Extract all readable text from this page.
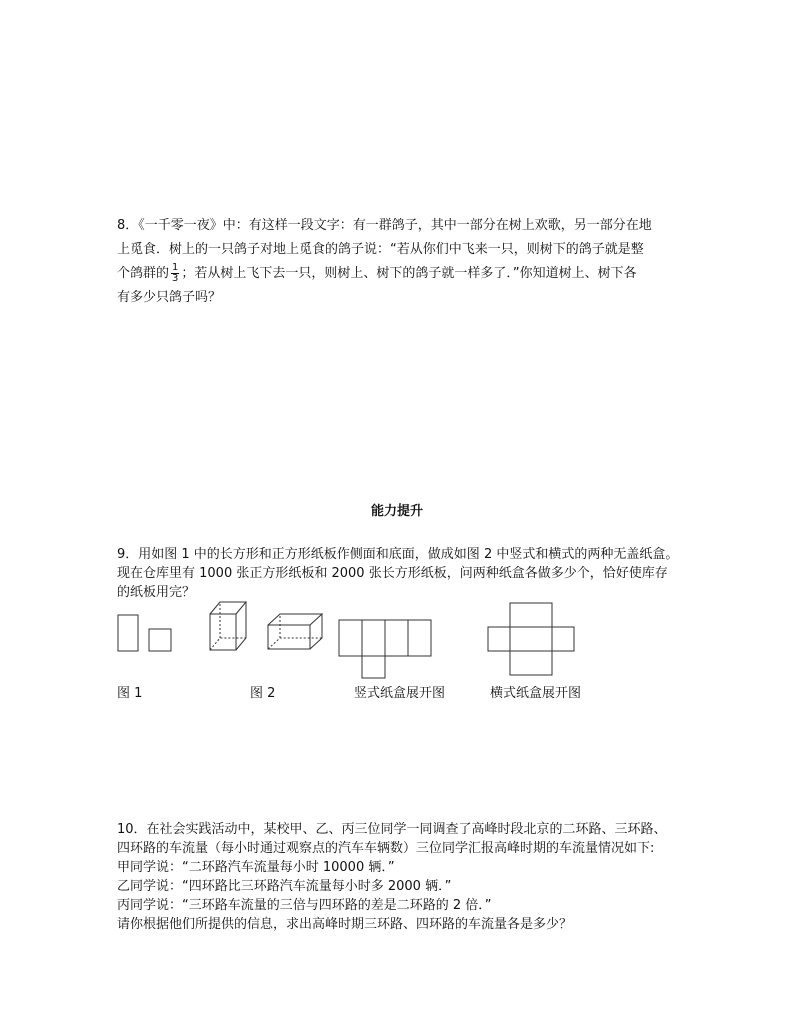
8．《一千零一夜》中：有这样一段文字：有一群鸽子，其中一部分在树上欢歌，另一部分在地
上觅食．树上的一只鸽子对地上觅食的鸽子说：“若从你们中飞来一只，则树下的鸽子就是整
个鸽群的 $\frac{1}{3}$ ；若从树上飞下去一只，则树上、树下的鸽子就一样多了．”你知道树上、树下各
有多少只鸽子吗？
能力提升
9．用如图 1 中的长方形和正方形纸板作侧面和底面，做成如图 2 中竖式和横式的两种无盖纸盒。
现在仓库里有 1000 张正方形纸板和 2000 张长方形纸板，问两种纸盒各做多少个，恰好使库存
的纸板用完？
图 1	图 2	竖式纸盒展开图	横式纸盒展开图
10．在社会实践活动中，某校甲、乙、丙三位同学一同调查了高峰时段北京的二环路、三环路、
四环路的车流量（每小时通过观察点的汽车车辆数）三位同学汇报高峰时期的车流量情况如下:
甲同学说：“二环路汽车流量每小时 10000 辆．”
乙同学说：“四环路比三环路汽车流量每小时多 2000 辆．”
丙同学说：“三环路车流量的三倍与四环路的差是二环路的 2 倍．”
请你根据他们所提供的信息，求出高峰时期三环路、四环路的车流量各是多少？
